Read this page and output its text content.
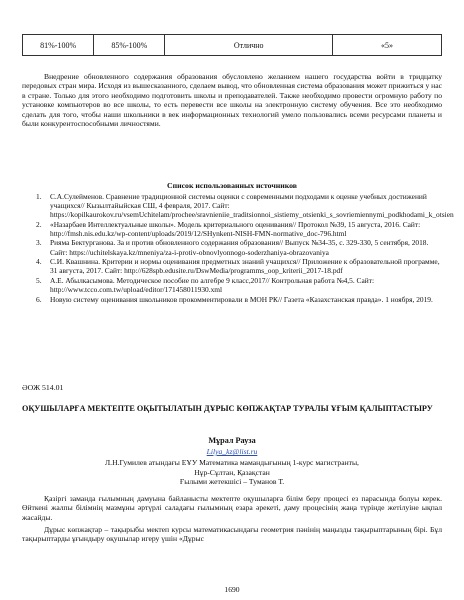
81%-100%	85%-100%	Отлично	«5»

Внедрение обновленного содержания образования обусловлено желанием нашего государства войти в тридцатку передовых стран мира. Исходя из вышесказанного, сделаем вывод, что обновленная система образования может прижиться у нас в стране. Только для этого необходимо подготовить школы и преподавателей. Также необходимо провести огромную работу по установке компьютеров во все школы, то есть перевести все школы на электронную систему обучения. Все это необходимо сделать для того, чтобы наши школьники в век информационных технологий умело пользовались всеми ресурсами планеты и были конкурентоспособными личностями.

Список использованных источников
1. С.А.Сулейменов. Сравнение традиционной системы оценки с современными подходами к оценке учебных достижений учащихся// Кызылтайыйская СШ, 4 февраля, 2017. Сайт: https://kopilkaurokov.ru/vsemUchitelam/prochee/sravnieniie_traditsionnoi_sistiemy_otsienki_s_sovriemiennymi_podkhodami_k_otsien
2. «Назарбаев Интеллектуальные школы». Модель критериального оценивания// Протокол №39, 15 августа, 2016. Сайт: http://fmsh.nis.edu.kz/wp-content/uploads/2019/12/SHynkent-NISH-FMN-normative_doc-796.html
3. Рияма Бектурганова. За и против обновленного содержания образования// Выпуск №34-35, с. 329-330, 5 сентября, 2018. Сайт: https://uchitelskaya.kz/mneniya/za-i-protiv-obnovlyonnogo-soderzhaniya-obrazovaniya
4. С.И. Квашнина. Критерии и нормы оценивания предметных знаний учащихся// Приложение к образовательной программе, 31 августа, 2017. Сайт: http://628spb.edusite.ru/DswMedia/programms_oop_kriterii_2017-18.pdf
5. А.Е. Абылкасымова. Методическое пособие по алгебре 9 класс,2017// Контрольная работа №4,5. Сайт: http://www.tcco.com.tw/upload/editor/171458011930.xml
6. Новую систему оценивания школьников прокомментировали в МОН РК// Газета «Казахстанская правда». 1 ноября, 2019.
ӘОЖ 514.01
ОҚУШЫЛАРҒА МЕКТЕПТЕ ОҚЫТЫЛАТЫН ДҰРЫС КӨПЖАҚТАР ТУРАЛЫ ҰҒЫМ ҚАЛЫПТАСТЫРУ
Мұрал Рауза
Lilya_kz@list.ru
Л.Н.Гумилев атындағы ЕҰУ Математика мамандығының 1-курс магистранты,
Нұр-Сұлтан, Қазақстан
Ғылыми жетекшісі – Туманов Т.

Қазіргі заманда ғылымның дамуына байланысты мектепте оқушыларға білім беру процесі ез парасында болуы керек. Өйткені жалпы білімнің мазмұны әртүрлі саладағы ғылымның езара әрекеті, даму процесінің жаңа түрінде жетілуіне ықпал жасайды.

Дұрыс көпжақтар – тақырыбы мектеп курсы математикасындағы геометрия пәнінің маңызды тақырыптарының бірі. Бұл тақырыптарды ұғындыру оқушылар игеру үшін «Дұрыс

1690
